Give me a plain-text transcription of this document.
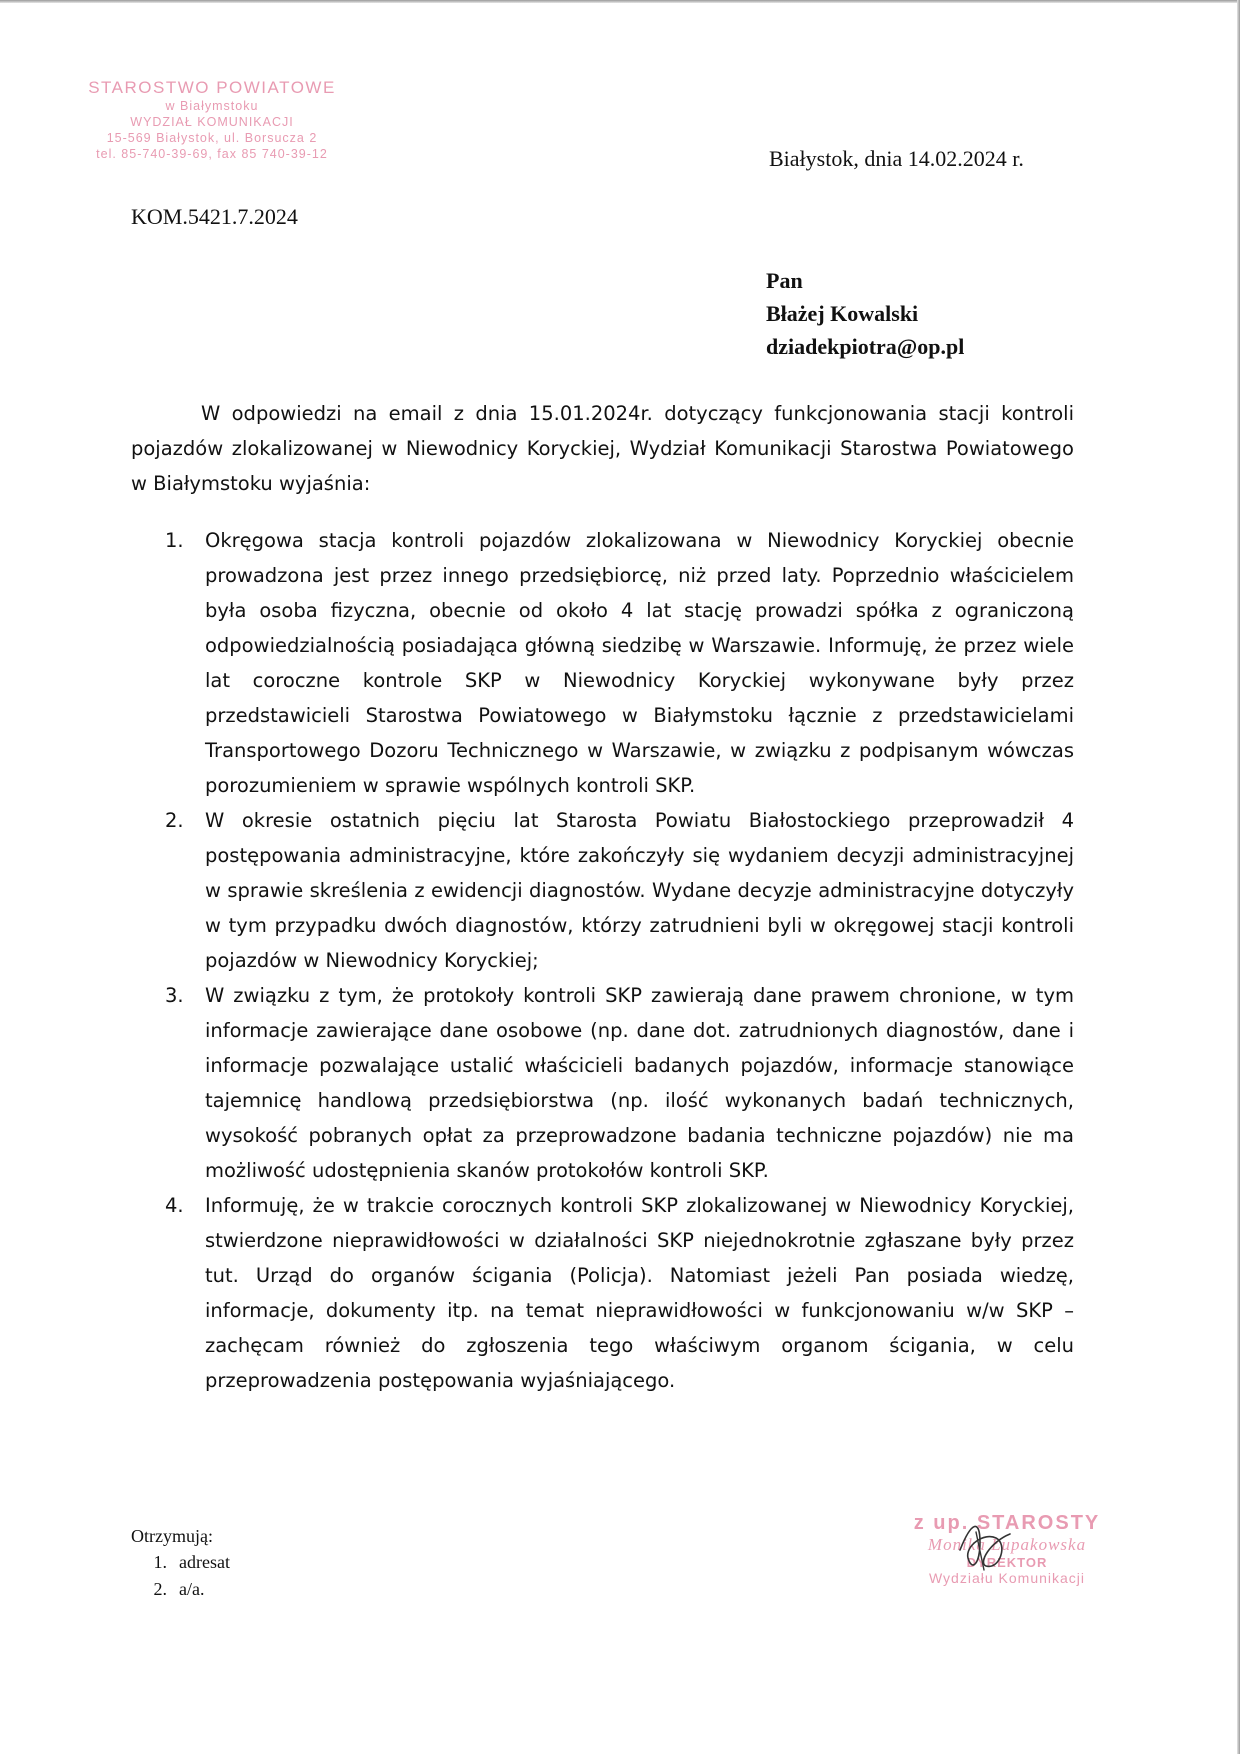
STAROSTWO POWIATOWE
w Białymstoku
WYDZIAŁ KOMUNIKACJI
15-569 Białystok, ul. Borsucza 2
tel. 85-740-39-69, fax 85 740-39-12	Białystok, dnia 14.02.2024 r.
KOM.5421.7.2024
Pan
Błażej Kowalski
dziadekpiotra@op.pl

W odpowiedzi na email z dnia 15.01.2024r. dotyczący funkcjonowania stacji kontroli pojazdów zlokalizowanej w Niewodnicy Koryckiej, Wydział Komunikacji Starostwa Powiatowego w Białymstoku wyjaśnia:

1. Okręgowa stacja kontroli pojazdów zlokalizowana w Niewodnicy Koryckiej obecnie prowadzona jest przez innego przedsiębiorcę, niż przed laty. Poprzednio właścicielem była osoba fizyczna, obecnie od około 4 lat stację prowadzi spółka z ograniczoną odpowiedzialnością posiadająca główną siedzibę w Warszawie. Informuję, że przez wiele lat coroczne kontrole SKP w Niewodnicy Koryckiej wykonywane były przez przedstawicieli Starostwa Powiatowego w Białymstoku łącznie z przedstawicielami Transportowego Dozoru Technicznego w Warszawie, w związku z podpisanym wówczas porozumieniem w sprawie wspólnych kontroli SKP.
2. W okresie ostatnich pięciu lat Starosta Powiatu Białostockiego przeprowadził 4 postępowania administracyjne, które zakończyły się wydaniem decyzji administracyjnej w sprawie skreślenia z ewidencji diagnostów. Wydane decyzje administracyjne dotyczyły w tym przypadku dwóch diagnostów, którzy zatrudnieni byli w okręgowej stacji kontroli pojazdów w Niewodnicy Koryckiej;
3. W związku z tym, że protokoły kontroli SKP zawierają dane prawem chronione, w tym informacje zawierające dane osobowe (np. dane dot. zatrudnionych diagnostów, dane i informacje pozwalające ustalić właścicieli badanych pojazdów, informacje stanowiące tajemnicę handlową przedsiębiorstwa (np. ilość wykonanych badań technicznych, wysokość pobranych opłat za przeprowadzone badania techniczne pojazdów) nie ma możliwość udostępnienia skanów protokołów kontroli SKP.
4. Informuję, że w trakcie corocznych kontroli SKP zlokalizowanej w Niewodnicy Koryckiej, stwierdzone nieprawidłowości w działalności SKP niejednokrotnie zgłaszane były przez tut. Urząd do organów ścigania (Policja). Natomiast jeżeli Pan posiada wiedzę, informacje, dokumenty itp. na temat nieprawidłowości w funkcjonowaniu w/w SKP – zachęcam również do zgłoszenia tego właściwym organom ścigania, w celu przeprowadzenia postępowania wyjaśniającego.
Otrzymują:
1. adresat
2. a/a.
z up. STAROSTY
Monika Łupakowska
DYREKTOR
Wydziału Komunikacji
